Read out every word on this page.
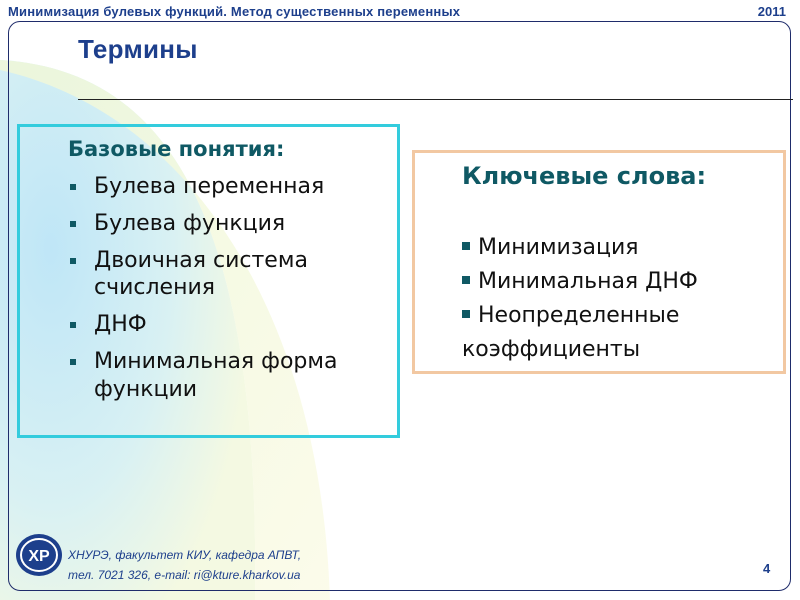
Минимизация булевых функций. Метод существенных переменных	2011
Термины
Базовые понятия:
Булева переменная
Булева функция
Двоичная система
счисления
ДНФ
Минимальная форма функции
Ключевые слова:
Минимизация
Минимальная ДНФ
Неопределенные
коэффициенты
ХР ХНУРЭ, факультет КИУ, кафедра АПВТ,
тел. 7021 326, e-mail: ri@kture.kharkov.ua	4
